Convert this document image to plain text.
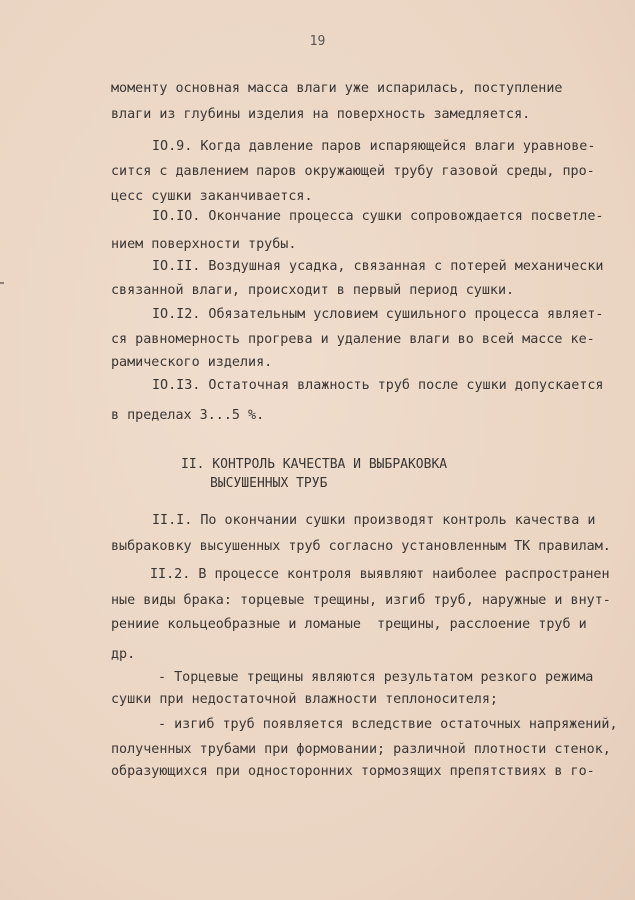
19
моменту основная масса влаги уже испарилась, поступление
влаги из глубины изделия на поверхность замедляется.
IO.9. Когда давление паров испаряющейся влаги уравнове-
сится с давлением паров окружающей трубу газовой среды, про-
цесс сушки заканчивается.
IO.IO. Окончание процесса сушки сопровождается посветле-
нием поверхности трубы.
IO.II. Воздушная усадка, связанная с потерей механически
связанной влаги, происходит в первый период сушки.
IO.I2. Обязательным условием сушильного процесса являет-
ся равномерность прогрева и удаление влаги во всей массе ке-
рамического изделия.
IO.I3. Остаточная влажность труб после сушки допускается
в пределах 3...5 %.
II. КОНТРОЛЬ КАЧЕСТВА И ВЫБРАКОВКА
ВЫСУШЕННЫХ ТРУБ
II.I. По окончании сушки производят контроль качества и
выбраковку высушенных труб согласно установленным ТК правилам.
II.2. В процессе контроля выявляют наиболее распространен
ные виды брака: торцевые трещины, изгиб труб, наружные и внут-
рениие кольцеобразные и ломаные  трещины, расслоение труб и
др.
- Торцевые трещины являются результатом резкого режима
сушки при недостаточной влажности теплоносителя;
- изгиб труб появляется вследствие остаточных напряжений,
полученных трубами при формовании; различной плотности стенок,
образующихся при односторонних тормозящих препятствиях в го-
